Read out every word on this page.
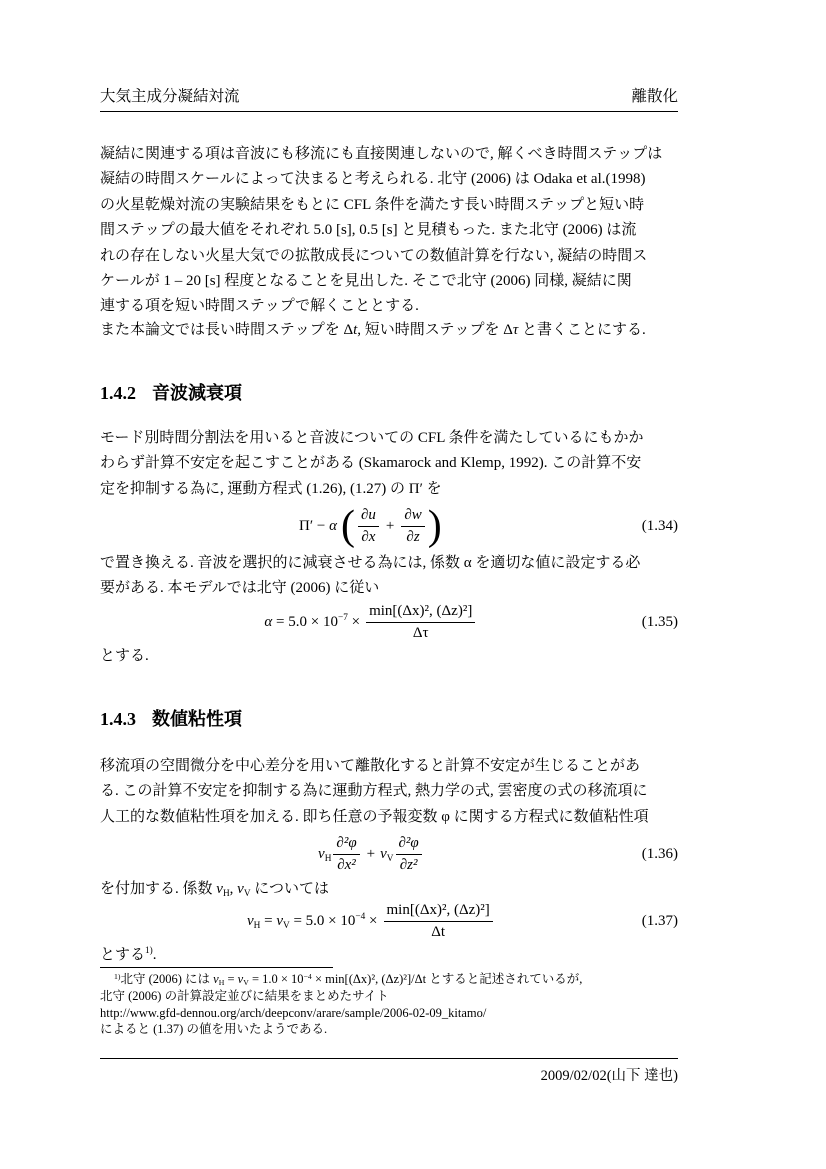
大気主成分凝結対流	離散化
凝結に関連する項は音波にも移流にも直接関連しないので, 解くべき時間ステップは
凝結の時間スケールによって決まると考えられる. 北守 (2006) は Odaka et al.(1998)
の火星乾燥対流の実験結果をもとに CFL 条件を満たす長い時間ステップと短い時
間ステップの最大値をそれぞれ 5.0 [s], 0.5 [s] と見積もった. また北守 (2006) は流
れの存在しない火星大気での拡散成長についての数値計算を行ない, 凝結の時間ス
ケールが 1 – 20 [s] 程度となることを見出した. そこで北守 (2006) 同様, 凝結に関
連する項を短い時間ステップで解くこととする.
また本論文では長い時間ステップを Δt, 短い時間ステップを Δτ と書くことにする.
1.4.2 音波減衰項
モード別時間分割法を用いると音波についての CFL 条件を満たしているにもかか
わらず計算不安定を起こすことがある (Skamarock and Klemp, 1992). この計算不安
定を抑制する為に, 運動方程式 (1.26), (1.27) の Π′ を
Π′ − α ( $\frac{\partial u}{\partial x} + \frac{\partial w}{\partial z}$ )	(1.34)
で置き換える. 音波を選択的に減衰させる為には, 係数 α を適切な値に設定する必
要がある. 本モデルでは北守 (2006) に従い
$\alpha = 5.0 \times 10^{-7} \times \frac{\text{min[(Δx)², (Δz)²]}}{\Delta\tau}$	(1.35)
とする.
1.4.3 数値粘性項
移流項の空間微分を中心差分を用いて離散化すると計算不安定が生じることがあ
る. この計算不安定を抑制する為に運動方程式, 熱力学の式, 雲密度の式の移流項に
人工的な数値粘性項を加える. 即ち任意の予報変数 φ に関する方程式に数値粘性項
$\nu_H \frac{\text{∂²φ}}{\text{∂x²}} + \nu_V \frac{\text{∂²φ}}{\text{∂z²}}$	(1.36)
を付加する. 係数 $\nu_H$, $\nu_V$ については
$\nu_H = \nu_V = 5.0 \times 10^{-4} \times \frac{\text{min[(Δx)², (Δz)²]}}{\Delta t}$	(1.37)
とする$^{1)}$.
$^{1)}$北守 (2006) には $\nu_H = \nu_V = 1.0 \times 10^{-4} \times \min[(\Delta x)^2$, (Δz)²]/Δt とすると記述されているが,
北守 (2006) の計算設定並びに結果をまとめたサイト
http://www.gfd-dennou.org/arch/deepconv/arare/sample/2006-02-09_kitamo/
によると (1.37) の値を用いたようである.
2009/02/02(山下 達也)
